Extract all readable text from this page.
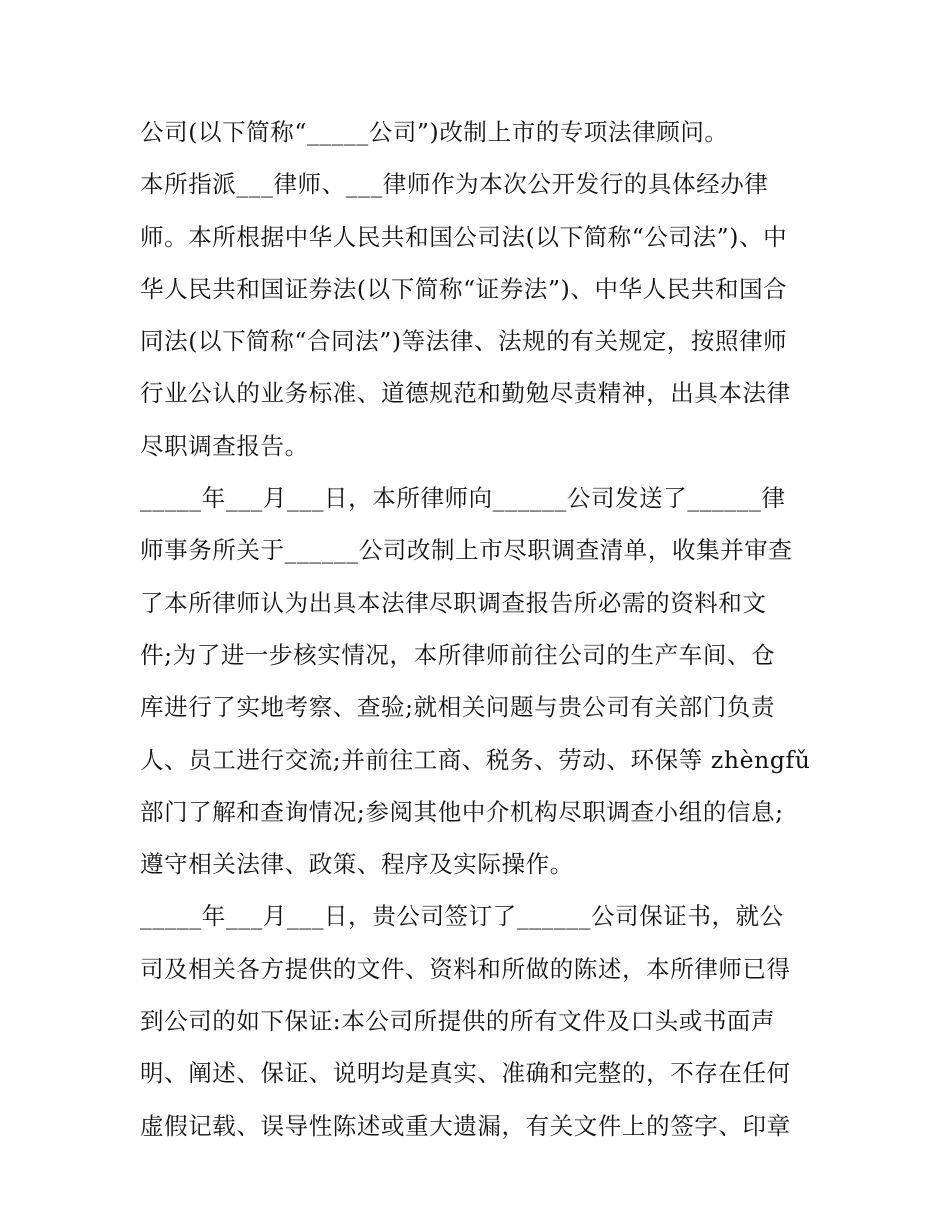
公司(以下简称“_____公司”)改制上市的专项法律顾问。
本所指派___律师、___律师作为本次公开发行的具体经办律
师。本所根据中华人民共和国公司法(以下简称“公司法”)、中
华人民共和国证券法(以下简称“证券法”)、中华人民共和国合
同法(以下简称“合同法”)等法律、法规的有关规定，按照律师
行业公认的业务标准、道德规范和勤勉尽责精神，出具本法律
尽职调查报告。
_____年___月___日，本所律师向______公司发送了______律
师事务所关于______公司改制上市尽职调查清单，收集并审查
了本所律师认为出具本法律尽职调查报告所必需的资料和文
件;为了进一步核实情况，本所律师前往公司的生产车间、仓
库进行了实地考察、查验;就相关问题与贵公司有关部门负责
人、员工进行交流;并前往工商、税务、劳动、环保等 zhèngfǔ
部门了解和查询情况;参阅其他中介机构尽职调查小组的信息;
遵守相关法律、政策、程序及实际操作。
_____年___月___日，贵公司签订了______公司保证书，就公
司及相关各方提供的文件、资料和所做的陈述，本所律师已得
到公司的如下保证:本公司所提供的所有文件及口头或书面声
明、阐述、保证、说明均是真实、准确和完整的，不存在任何
虚假记载、误导性陈述或重大遗漏，有关文件上的签字、印章
